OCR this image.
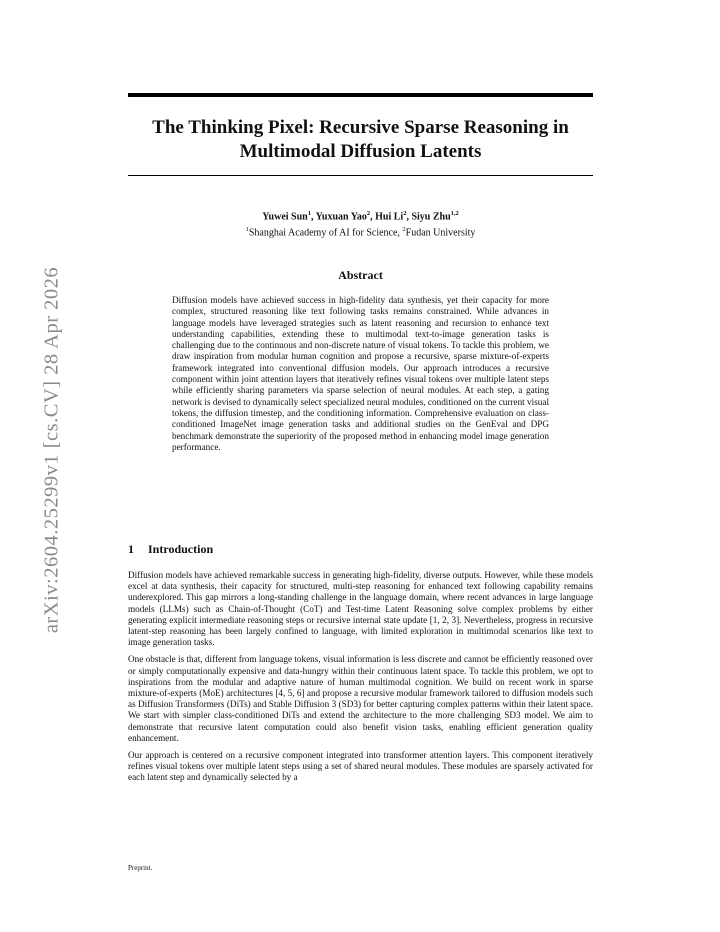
arXiv:2604.25299v1 [cs.CV] 28 Apr 2026
The Thinking Pixel: Recursive Sparse Reasoning in Multimodal Diffusion Latents
Yuwei Sun$^1$, Yuxuan Yao$^2$, Hui Li$^2$, Siyu Zhu$^{1,2}$
$^1$Shanghai Academy of AI for Science, $^2$Fudan University
Abstract

Diffusion models have achieved success in high-fidelity data synthesis, yet their capacity for more complex, structured reasoning like text following tasks remains constrained. While advances in language models have leveraged strategies such as latent reasoning and recursion to enhance text understanding capabilities, extending these to multimodal text-to-image generation tasks is challenging due to the continuous and non-discrete nature of visual tokens. To tackle this problem, we draw inspiration from modular human cognition and propose a recursive, sparse mixture-of-experts framework integrated into conventional diffusion models. Our approach introduces a recursive component within joint attention layers that iteratively refines visual tokens over multiple latent steps while efficiently sharing parameters via sparse selection of neural modules. At each step, a gating network is devised to dynamically select specialized neural modules, conditioned on the current visual tokens, the diffusion timestep, and the conditioning information. Comprehensive evaluation on class-conditioned ImageNet image generation tasks and additional studies on the GenEval and DPG benchmark demonstrate the superiority of the proposed method in enhancing model image generation performance.

1 Introduction

Diffusion models have achieved remarkable success in generating high-fidelity, diverse outputs. However, while these models excel at data synthesis, their capacity for structured, multi-step reasoning for enhanced text following capability remains underexplored. This gap mirrors a long-standing challenge in the language domain, where recent advances in large language models (LLMs) such as Chain-of-Thought (CoT) and Test-time Latent Reasoning solve complex problems by either generating explicit intermediate reasoning steps or recursive internal state update [1, 2, 3]. Nevertheless, progress in recursive latent-step reasoning has been largely confined to language, with limited exploration in multimodal scenarios like text to image generation tasks.

One obstacle is that, different from language tokens, visual information is less discrete and cannot be efficiently reasoned over or simply computationally expensive and data-hungry within their continuous latent space. To tackle this problem, we opt to inspirations from the modular and adaptive nature of human multimodal cognition. We build on recent work in sparse mixture-of-experts (MoE) architectures [4, 5, 6] and propose a recursive modular framework tailored to diffusion models such as Diffusion Transformers (DiTs) and Stable Diffusion 3 (SD3) for better capturing complex patterns within their latent space. We start with simpler class-conditioned DiTs and extend the architecture to the more challenging SD3 model. We aim to demonstrate that recursive latent computation could also benefit vision tasks, enabling efficient generation quality enhancement.

Our approach is centered on a recursive component integrated into transformer attention layers. This component iteratively refines visual tokens over multiple latent steps using a set of shared neural modules. These modules are sparsely activated for each latent step and dynamically selected by a

Preprint.
